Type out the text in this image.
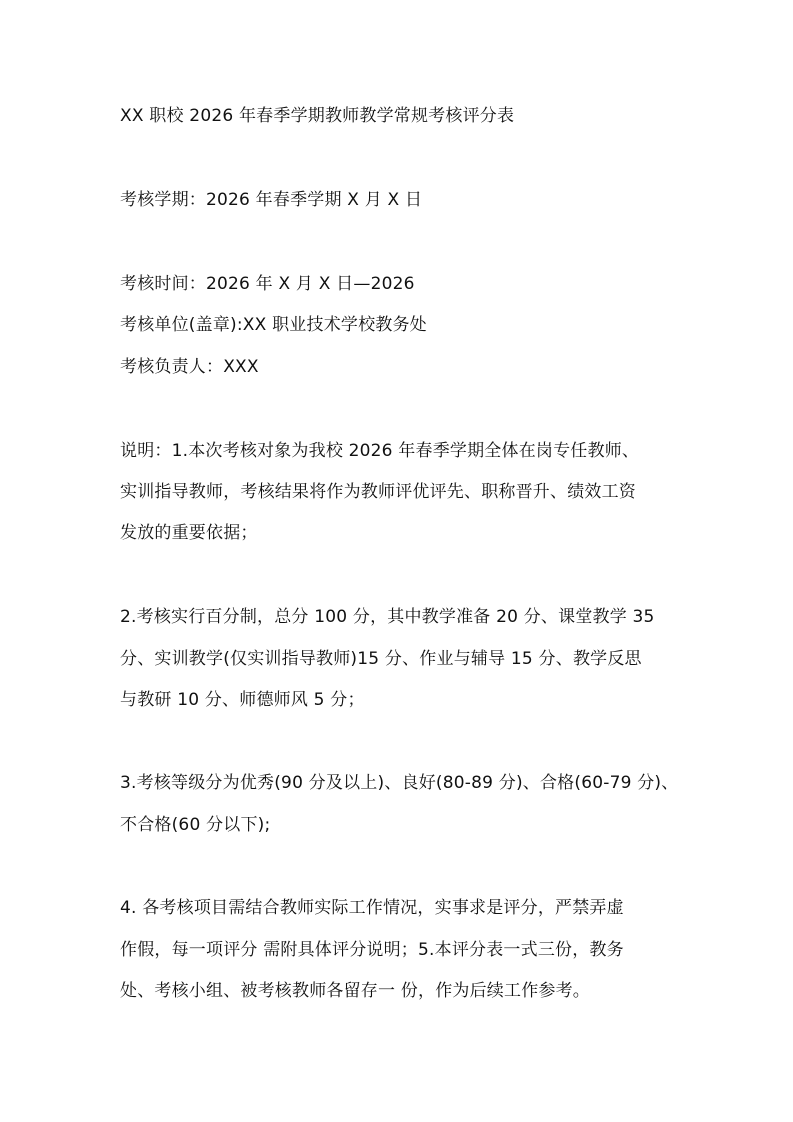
XX 职校 2026 年春季学期教师教学常规考核评分表
考核学期：2026 年春季学期 X 月 X 日
考核时间：2026 年 X 月 X 日—2026
考核单位(盖章):XX 职业技术学校教务处
考核负责人：XXX
说明：1.本次考核对象为我校 2026 年春季学期全体在岗专任教师、
实训指导教师，考核结果将作为教师评优评先、职称晋升、绩效工资
发放的重要依据；
2.考核实行百分制，总分 100 分，其中教学准备 20 分、课堂教学 35
分、实训教学(仅实训指导教师)15 分、作业与辅导 15 分、教学反思
与教研 10 分、师德师风 5 分；
3.考核等级分为优秀(90 分及以上)、良好(80-89 分)、合格(60-79 分)、
不合格(60 分以下);
4. 各考核项目需结合教师实际工作情况，实事求是评分，严禁弄虚
作假，每一项评分 需附具体评分说明；5.本评分表一式三份，教务
处、考核小组、被考核教师各留存一 份，作为后续工作参考。
